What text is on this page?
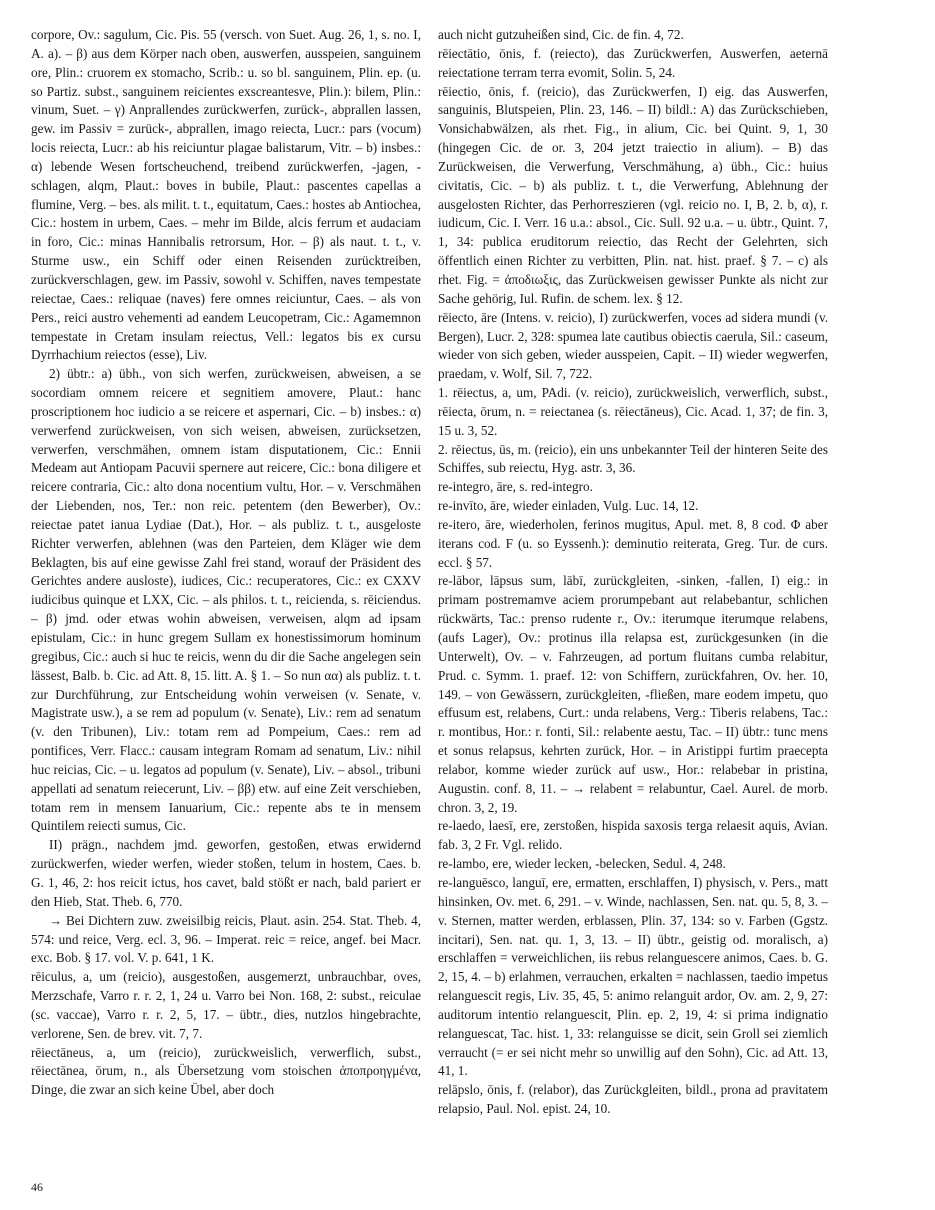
corpore, Ov.: sagulum, Cic. Pis. 55 (versch. von Suet. Aug. 26, 1, s. no. I, A. a). – β) aus dem Körper nach oben, auswerfen, ausspeien, sanguinem ore, Plin.: cruorem ex stomacho, Scrib.: u. so bl. sanguinem, Plin. ep. (u. so Partiz. subst., sanguinem reicientes exscreantesve, Plin.): bilem, Plin.: vinum, Suet. – γ) Anprallendes zurückwerfen, zurück-, abprallen lassen, gew. im Passiv = zurück-, abprallen, imago reiecta, Lucr.: pars (vocum) locis reiecta, Lucr.: ab his reiciuntur plagae balistarum, Vitr. – b) insbes.: α) lebende Wesen fortscheuchend, treibend zurückwerfen, -jagen, -schlagen, alqm, Plaut.: boves in bubile, Plaut.: pascentes capellas a flumine, Verg. – bes. als milit. t. t., equitatum, Caes.: hostes ab Antiochea, Cic.: hostem in urbem, Caes. – mehr im Bilde, alcis ferrum et audaciam in foro, Cic.: minas Hannibalis retrorsum, Hor. – β) als naut. t. t., v. Sturme usw., ein Schiff oder einen Reisenden zurücktreiben, zurückverschlagen, gew. im Passiv, sowohl v. Schiffen, naves tempestate reiectae, Caes.: reliquae (naves) fere omnes reiciuntur, Caes. – als von Pers., reici austro vehementi ad eandem Leucopetram, Cic.: Agamemnon tempestate in Cretam insulam reiectus, Vell.: legatos bis ex cursu Dyrrhachium reiectos (esse), Liv.

2) übtr.: a) übh., von sich werfen, zurückweisen, abweisen, a se socordiam omnem reicere et segnitiem amovere, Plaut.: hanc proscriptionem hoc iudicio a se reicere et aspernari, Cic. – b) insbes.: α) verwerfend zurückweisen, von sich weisen, abweisen, zurücksetzen, verwerfen, verschmähen, omnem istam disputationem, Cic.: Ennii Medeam aut Antiopam Pacuvii spernere aut reicere, Cic.: bona diligere et reicere contraria, Cic.: alto dona nocentium vultu, Hor. – v. Verschmähen der Liebenden, nos, Ter.: non reic. petentem (den Bewerber), Ov.: reiectae patet ianua Lydiae (Dat.), Hor. – als publiz. t. t., ausgeloste Richter verwerfen, ablehnen (was den Parteien, dem Kläger wie dem Beklagten, bis auf eine gewisse Zahl frei stand, worauf der Präsident des Gerichtes andere ausloste), iudices, Cic.: recuperatores, Cic.: ex CXXV iudicibus quinque et LXX, Cic. – als philos. t. t., reicienda, s. rēiciendus. – β) jmd. oder etwas wohin abweisen, verweisen, alqm ad ipsam epistulam, Cic.: in hunc gregem Sullam ex honestissimorum hominum gregibus, Cic.: auch si huc te reicis, wenn du dir die Sache angelegen sein lässest, Balb. b. Cic. ad Att. 8, 15. litt. A. § 1. – So nun αα) als publiz. t. t. zur Durchführung, zur Entscheidung wohin verweisen (v. Senate, v. Magistrate usw.), a se rem ad populum (v. Senate), Liv.: rem ad senatum (v. den Tribunen), Liv.: totam rem ad Pompeium, Caes.: rem ad pontifices, Verr. Flacc.: causam integram Romam ad senatum, Liv.: nihil huc reicias, Cic. – u. legatos ad populum (v. Senate), Liv. – absol., tribuni appellati ad senatum reiecerunt, Liv. – ββ) etw. auf eine Zeit verschieben, totam rem in mensem Ianuarium, Cic.: repente abs te in mensem Quintilem reiecti sumus, Cic.

II) prägn., nachdem jmd. geworfen, gestoßen, etwas erwidernd zurückwerfen, wieder werfen, wieder stoßen, telum in hostem, Caes. b. G. 1, 46, 2: hos reicit ictus, hos cavet, bald stößt er nach, bald pariert er den Hieb, Stat. Theb. 6, 770.

→ Bei Dichtern zuw. zweisilbig reicis, Plaut. asin. 254. Stat. Theb. 4, 574: und reice, Verg. ecl. 3, 96. – Imperat. reic = reice, angef. bei Macr. exc. Bob. § 17. vol. V. p. 641, 1 K.

rēiculus, a, um (reicio), ausgestoßen, ausgemerzt, unbrauchbar, oves, Merzschafe, Varro r. r. 2, 1, 24 u. Varro bei Non. 168, 2: subst., reiculae (sc. vaccae), Varro r. r. 2, 5, 17. – übtr., dies, nutzlos hingebrachte, verlorene, Sen. de brev. vit. 7, 7.

rēiectāneus, a, um (reicio), zurückweislich, verwerflich, subst., rēiectānea, ōrum, n., als Übersetzung vom stoischen ἀποπροηγμένα, Dinge, die zwar an sich keine Übel, aber doch

auch nicht gutzuheißen sind, Cic. de fin. 4, 72.

rēiectātio, ōnis, f. (reiecto), das Zurückwerfen, Auswerfen, aeternā reiectatione terram terra evomit, Solin. 5, 24.

rēiectio, ōnis, f. (reicio), das Zurückwerfen, I) eig. das Auswerfen, sanguinis, Blutspeien, Plin. 23, 146. – II) bildl.: A) das Zurückschieben, Vonsichabwälzen, als rhet. Fig., in alium, Cic. bei Quint. 9, 1, 30 (hingegen Cic. de or. 3, 204 jetzt traiectio in alium). – B) das Zurückweisen, die Verwerfung, Verschmähung, a) übh., Cic.: huius civitatis, Cic. – b) als publiz. t. t., die Verwerfung, Ablehnung der ausgelosten Richter, das Perhorreszieren (vgl. reicio no. I, B, 2. b, α), r. iudicum, Cic. I. Verr. 16 u.a.: absol., Cic. Sull. 92 u.a. – u. übtr., Quint. 7, 1, 34: publica eruditorum reiectio, das Recht der Gelehrten, sich öffentlich einen Richter zu verbitten, Plin. nat. hist. praef. § 7. – c) als rhet. Fig. = ἀποδιωξις, das Zurückweisen gewisser Punkte als nicht zur Sache gehörig, Iul. Rufin. de schem. lex. § 12.

rēiecto, āre (Intens. v. reicio), I) zurückwerfen, voces ad sidera mundi (v. Bergen), Lucr. 2, 328: spumea late cautibus obiectis caerula, Sil.: caseum, wieder von sich geben, wieder ausspeien, Capit. – II) wieder wegwerfen, praedam, v. Wolf, Sil. 7, 722.

1. rēiectus, a, um, PAdi. (v. reicio), zurückweislich, verwerflich, subst., rēiecta, ōrum, n. = reiectanea (s. rēiectāneus), Cic. Acad. 1, 37; de fin. 3, 15 u. 3, 52.

2. rēiectus, ūs, m. (reicio), ein uns unbekannter Teil der hinteren Seite des Schiffes, sub reiectu, Hyg. astr. 3, 36.

re-integro, āre, s. red-integro.

re-invīto, āre, wieder einladen, Vulg. Luc. 14, 12.

re-itero, āre, wiederholen, ferinos mugitus, Apul. met. 8, 8 cod. Φ aber iterans cod. F (u. so Eyssenh.): deminutio reiterata, Greg. Tur. de curs. eccl. § 57.

re-lābor, lāpsus sum, lābī, zurückgleiten, -sinken, -fallen, I) eig.: in primam postremamve aciem prorumpebant aut relabebantur, schlichen rückwärts, Tac.: prenso rudente r., Ov.: iterumque iterumque relabens, (aufs Lager), Ov.: protinus illa relapsa est, zurückgesunken (in die Unterwelt), Ov. – v. Fahrzeugen, ad portum fluitans cumba relabitur, Prud. c. Symm. 1. praef. 12: von Schiffern, zurückfahren, Ov. her. 10, 149. – von Gewässern, zurückgleiten, -fließen, mare eodem impetu, quo effusum est, relabens, Curt.: unda relabens, Verg.: Tiberis relabens, Tac.: r. montibus, Hor.: r. fonti, Sil.: relabente aestu, Tac. – II) übtr.: tunc mens et sonus relapsus, kehrten zurück, Hor. – in Aristippi furtim praecepta relabor, komme wieder zurück auf usw., Hor.: relabebar in pristina, Augustin. conf. 8, 11. – → relabent = relabuntur, Cael. Aurel. de morb. chron. 3, 2, 19.

re-laedo, laesī, ere, zerstoßen, hispida saxosis terga relaesit aquis, Avian. fab. 3, 2 Fr. Vgl. relido.

re-lambo, ere, wieder lecken, -belecken, Sedul. 4, 248.

re-languēsco, languī, ere, ermatten, erschlaffen, I) physisch, v. Pers., matt hinsinken, Ov. met. 6, 291. – v. Winde, nachlassen, Sen. nat. qu. 5, 8, 3. – v. Sternen, matter werden, erblassen, Plin. 37, 134: so v. Farben (Ggstz. incitari), Sen. nat. qu. 1, 3, 13. – II) übtr., geistig od. moralisch, a) erschlaffen = verweichlichen, iis rebus relanguescere animos, Caes. b. G. 2, 15, 4. – b) erlahmen, verrauchen, erkalten = nachlassen, taedio impetus relanguescit regis, Liv. 35, 45, 5: animo relanguit ardor, Ov. am. 2, 9, 27: auditorum intentio relanguescit, Plin. ep. 2, 19, 4: si prima indignatio relanguescat, Tac. hist. 1, 33: relanguisse se dicit, sein Groll sei ziemlich verraucht (= er sei nicht mehr so unwillig auf den Sohn), Cic. ad Att. 13, 41, 1.

relāpslo, ōnis, f. (relabor), das Zurückgleiten, bildl., prona ad pravitatem relapsio, Paul. Nol. epist. 24, 10.

46
